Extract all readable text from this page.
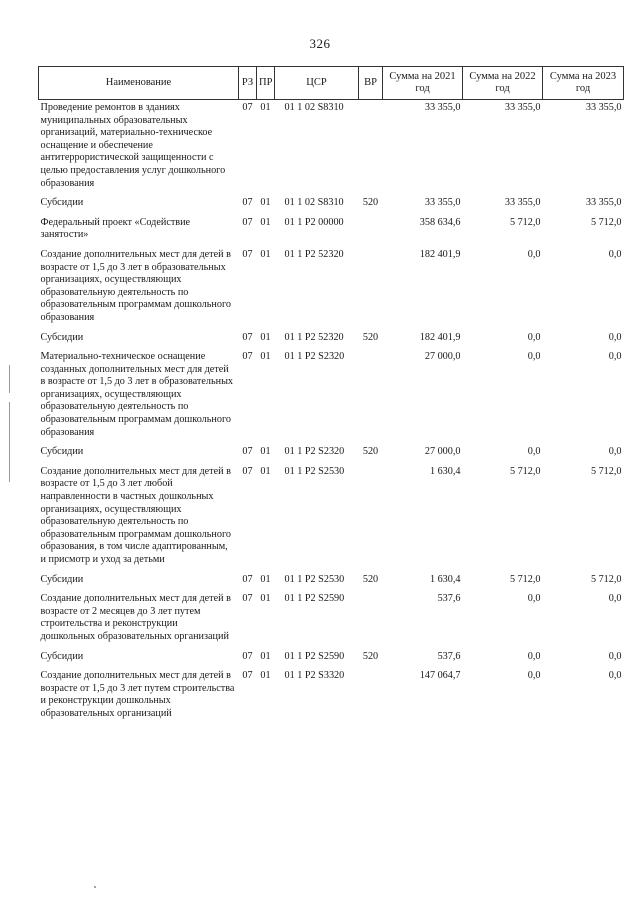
326
Наименование	РЗ	ПР	ЦСР	ВР	Сумма на 2021 год	Сумма на 2022 год	Сумма на 2023 год
Проведение ремонтов в зданиях муниципальных образовательных организаций, материально-техническое оснащение и обеспечение антитеррористической защищенности с целью предоставления услуг дошкольного образования	07	01	01 1 02 S8310		33 355,0	33 355,0	33 355,0
Субсидии	07	01	01 1 02 S8310	520	33 355,0	33 355,0	33 355,0
Федеральный проект «Содействие занятости»	07	01	01 1 P2 00000		358 634,6	5 712,0	5 712,0
Создание дополнительных мест для детей в возрасте от 1,5 до 3 лет в образовательных организациях, осуществляющих образовательную деятельность по образовательным программам дошкольного образования	07	01	01 1 P2 52320		182 401,9	0,0	0,0
Субсидии	07	01	01 1 P2 52320	520	182 401,9	0,0	0,0
Материально-техническое оснащение созданных дополнительных мест для детей в возрасте от 1,5 до 3 лет в образовательных организациях, осуществляющих образовательную деятельность по образовательным программам дошкольного образования	07	01	01 1 P2 S2320		27 000,0	0,0	0,0
Субсидии	07	01	01 1 P2 S2320	520	27 000,0	0,0	0,0
Создание дополнительных мест для детей в возрасте от 1,5 до 3 лет любой направленности в частных дошкольных организациях, осуществляющих образовательную деятельность по образовательным программам дошкольного образования, в том числе адаптированным, и присмотр и уход за детьми	07	01	01 1 P2 S2530		1 630,4	5 712,0	5 712,0
Субсидии	07	01	01 1 P2 S2530	520	1 630,4	5 712,0	5 712,0
Создание дополнительных мест для детей в возрасте от 2 месяцев до 3 лет путем строительства и реконструкции дошкольных образовательных организаций	07	01	01 1 P2 S2590		537,6	0,0	0,0
Субсидии	07	01	01 1 P2 S2590	520	537,6	0,0	0,0
Создание дополнительных мест для детей в возрасте от 1,5 до 3 лет путем строительства и реконструкции дошкольных образовательных организаций	07	01	01 1 P2 S3320		147 064,7	0,0	0,0
